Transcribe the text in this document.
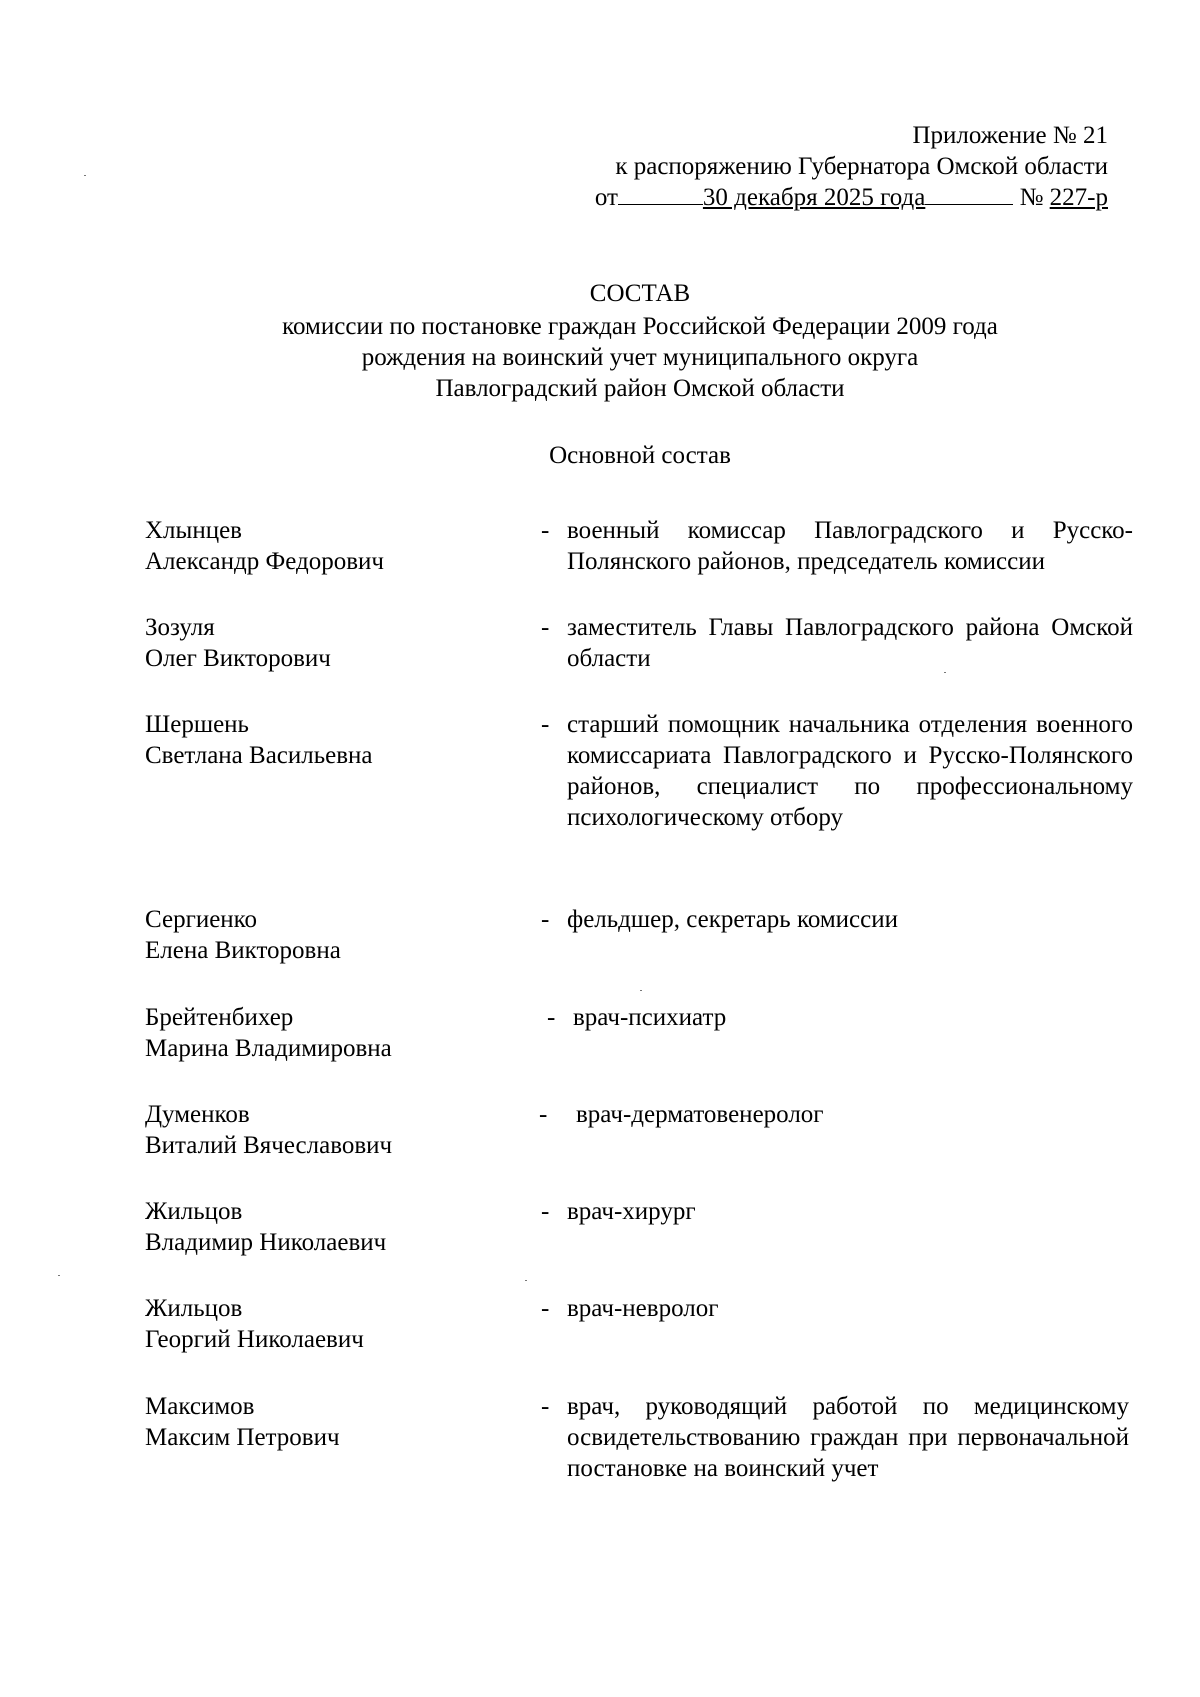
Приложение № 21
к распоряжению Губернатора Омской области
от	30 декабря 2025 года	№ 227-р
СОСТАВ
комиссии по постановке граждан Российской Федерации 2009 года
рождения на воинский учет муниципального округа
Павлоградский район Омской области
Основной состав
Хлынцев
Александр Федорович
- военный комиссар Павлоградского и Русско-Полянского районов, председатель комиссии
Зозуля
Олег Викторович
- заместитель Главы Павлоградского района Омской области
Шершень
Светлана Васильевна
- старший помощник начальника отделения военного комиссариата Павлоградского и Русско-Полянского районов, специалист по профессиональному психологическому отбору
Сергиенко
Елена Викторовна
- фельдшер, секретарь комиссии
Брейтенбихер
Марина Владимировна
- врач-психиатр
Думенков
Виталий Вячеславович
- врач-дерматовенеролог
Жильцов
Владимир Николаевич
- врач-хирург
Жильцов
Георгий Николаевич
- врач-невролог
Максимов
Максим Петрович
- врач, руководящий работой по медицинскому освидетельствованию граждан при первоначальной постановке на воинский учет
